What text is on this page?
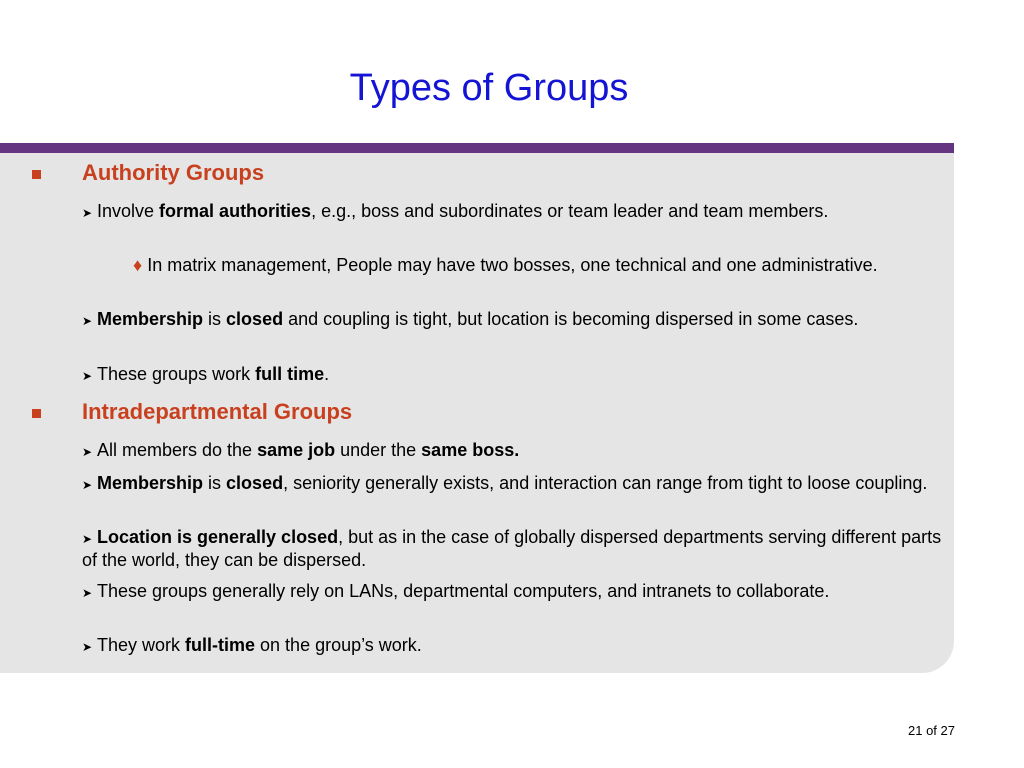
Types of Groups

Authority Groups

➤ Involve formal authorities, e.g., boss and subordinates or team leader and team members.

♦ In matrix management, People may have two bosses, one technical and one administrative.

➤ Membership is closed and coupling is tight, but location is becoming dispersed in some cases.

➤ These groups work full time.

Intradepartmental Groups

➤ All members do the same job under the same boss.

➤ Membership is closed, seniority generally exists, and interaction can range from tight to loose coupling.

➤ Location is generally closed, but as in the case of globally dispersed departments serving different parts of the world, they can be dispersed.

➤ These groups generally rely on LANs, departmental computers, and intranets to collaborate.

➤ They work full-time on the group’s work.

21 of 27
